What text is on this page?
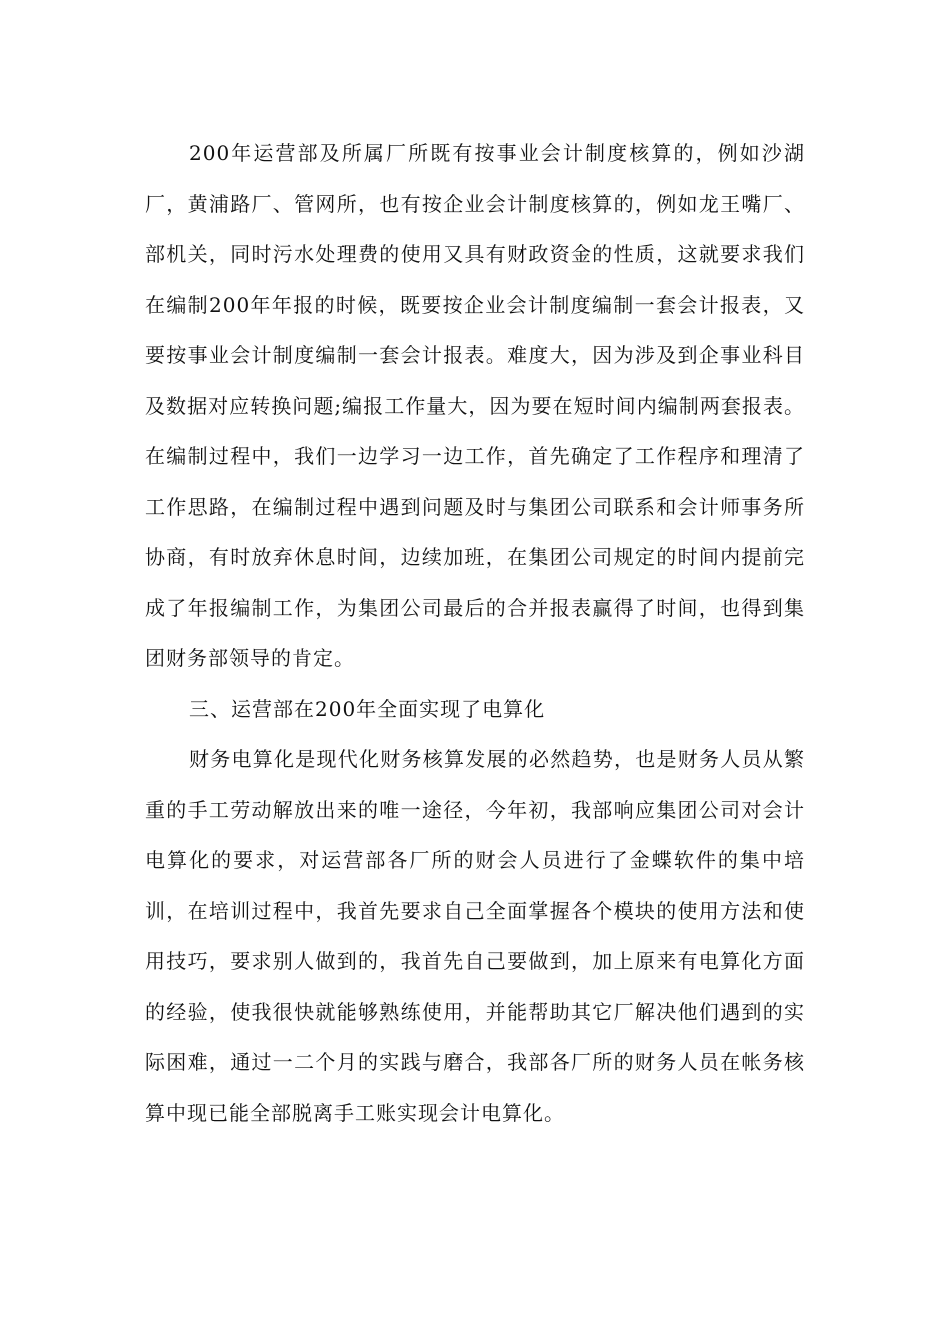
200年运营部及所属厂所既有按事业会计制度核算的，例如沙湖厂，黄浦路厂、管网所，也有按企业会计制度核算的，例如龙王嘴厂、部机关，同时污水处理费的使用又具有财政资金的性质，这就要求我们在编制200年年报的时候，既要按企业会计制度编制一套会计报表，又要按事业会计制度编制一套会计报表。难度大，因为涉及到企事业科目及数据对应转换问题;编报工作量大，因为要在短时间内编制两套报表。在编制过程中，我们一边学习一边工作，首先确定了工作程序和理清了工作思路，在编制过程中遇到问题及时与集团公司联系和会计师事务所协商，有时放弃休息时间，边续加班，在集团公司规定的时间内提前完成了年报编制工作，为集团公司最后的合并报表赢得了时间，也得到集团财务部领导的肯定。

三、运营部在200年全面实现了电算化

财务电算化是现代化财务核算发展的必然趋势，也是财务人员从繁重的手工劳动解放出来的唯一途径，今年初，我部响应集团公司对会计电算化的要求，对运营部各厂所的财会人员进行了金蝶软件的集中培训，在培训过程中，我首先要求自己全面掌握各个模块的使用方法和使用技巧，要求别人做到的，我首先自己要做到，加上原来有电算化方面的经验，使我很快就能够熟练使用，并能帮助其它厂解决他们遇到的实际困难，通过一二个月的实践与磨合，我部各厂所的财务人员在帐务核算中现已能全部脱离手工账实现会计电算化。
